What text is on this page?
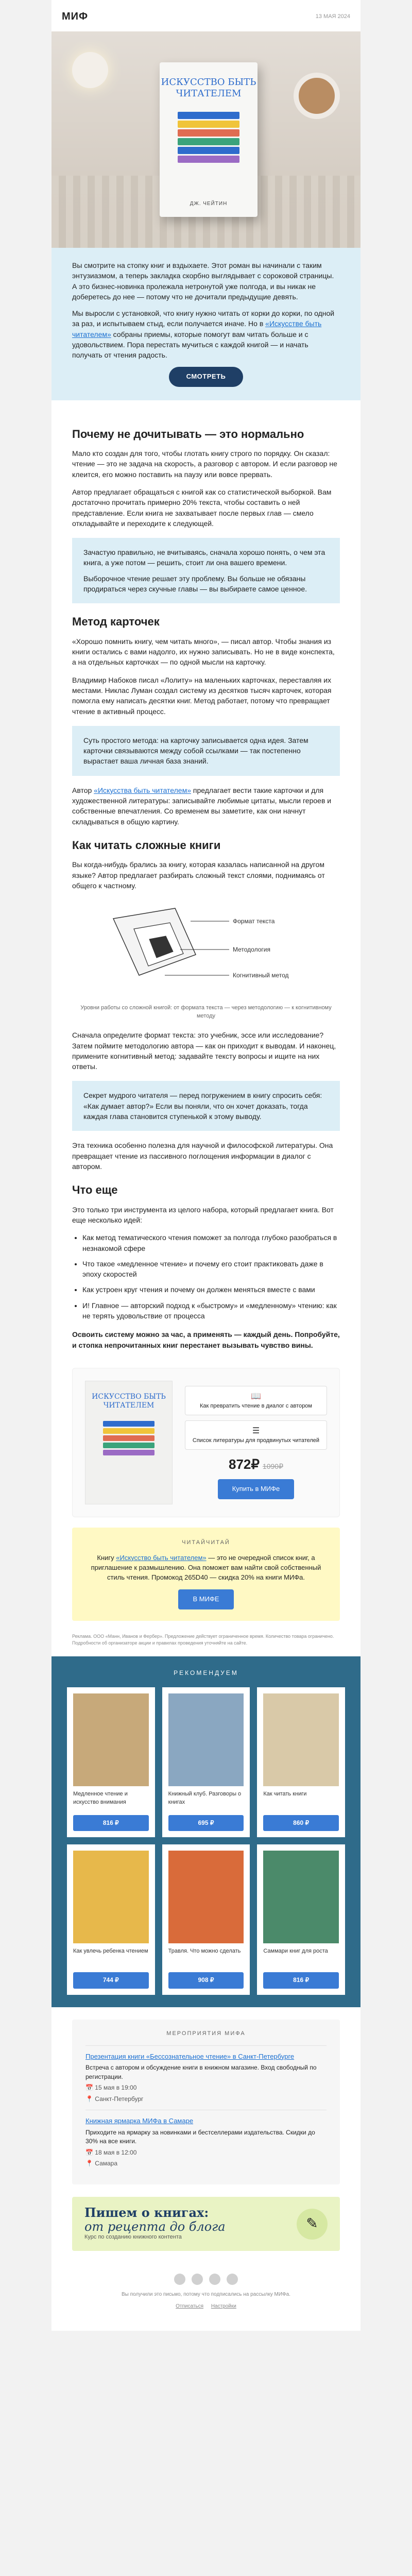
МИФ	13 МАЯ 2024
ИСКУССТВО БЫТЬ ЧИТАТЕЛЕМ
ДЖ. ЧЕЙТИН

Вы смотрите на стопку книг и вздыхаете. Этот роман вы начинали с таким энтузиазмом, а теперь закладка скорбно выглядывает с сороковой страницы. А это бизнес-новинка пролежала нетронутой уже полгода, и вы никак не доберетесь до нее — потому что не дочитали предыдущие девять.

Мы выросли с установкой, что книгу нужно читать от корки до корки, по одной за раз, и испытываем стыд, если получается иначе. Но в «Искусстве быть читателем» собраны приемы, которые помогут вам читать больше и с удовольствием. Пора перестать мучиться с каждой книгой — и начать получать от чтения радость.

СМОТРЕТЬ
Почему не дочитывать — это нормально

Мало кто создан для того, чтобы глотать книгу строго по порядку. Он сказал: чтение — это не задача на скорость, а разговор с автором. И если разговор не клеится, его можно поставить на паузу или вовсе прервать.

Автор предлагает обращаться с книгой как со статистической выборкой. Вам достаточно прочитать примерно 20% текста, чтобы составить о ней представление. Если книга не захватывает после первых глав — смело откладывайте и переходите к следующей.

Зачастую правильно, не вчитываясь, сначала хорошо понять, о чем эта книга, а уже потом — решить, стоит ли она вашего времени.

Выборочное чтение решает эту проблему. Вы больше не обязаны продираться через скучные главы — вы выбираете самое ценное.

Метод карточек

«Хорошо помнить книгу, чем читать много», — писал автор. Чтобы знания из книги остались с вами надолго, их нужно записывать. Но не в виде конспекта, а на отдельных карточках — по одной мысли на карточку.

Владимир Набоков писал «Лолиту» на маленьких карточках, переставляя их местами. Никлас Луман создал систему из десятков тысяч карточек, которая помогла ему написать десятки книг. Метод работает, потому что превращает чтение в активный процесс.

Суть простого метода: на карточку записывается одна идея. Затем карточки связываются между собой ссылками — так постепенно вырастает ваша личная база знаний.

Автор «Искусства быть читателем» предлагает вести такие карточки и для художественной литературы: записывайте любимые цитаты, мысли героев и собственные впечатления. Со временем вы заметите, как они начнут складываться в общую картину.

Как читать сложные книги

Вы когда-нибудь брались за книгу, которая казалась написанной на другом языке? Автор предлагает разбирать сложный текст слоями, поднимаясь от общего к частному.

Формат текста
Методология
Когнитивный метод
Уровни работы со сложной книгой: от формата текста — через методологию — к когнитивному методу

Сначала определите формат текста: это учебник, эссе или исследование? Затем поймите методологию автора — как он приходит к выводам. И наконец, примените когнитивный метод: задавайте тексту вопросы и ищите на них ответы.

Секрет мудрого читателя — перед погружением в книгу спросить себя: «Как думает автор?» Если вы поняли, что он хочет доказать, тогда каждая глава становится ступенькой к этому выводу.

Эта техника особенно полезна для научной и философской литературы. Она превращает чтение из пассивного поглощения информации в диалог с автором.

Что еще

Это только три инструмента из целого набора, который предлагает книга. Вот еще несколько идей:

• Как метод тематического чтения поможет за полгода глубоко разобраться в незнакомой сфере
• Что такое «медленное чтение» и почему его стоит практиковать даже в эпоху скоростей
• Как устроен круг чтения и почему он должен меняться вместе с вами
• И! Главное — авторский подход к «быстрому» и «медленному» чтению: как не терять удовольствие от процесса

Освоить систему можно за час, а применять — каждый день. Попробуйте, и стопка непрочитанных книг перестанет вызывать чувство вины.

ИСКУССТВО БЫТЬ ЧИТАТЕЛЕМ
📖
Как превратить чтение в диалог с автором
☰
Список литературы для продвинутых читателей
872₽ 1090₽
Купить в МИФе
ЧИТАЙЧИТАЙ

Книгу «Искусство быть читателем» — это не очередной список книг, а приглашение к размышлению. Она поможет вам найти свой собственный стиль чтения. Промокод 265D40 — скидка 20% на книги МИФа.

В МИФЕ
Реклама. ООО «Манн, Иванов и Фербер». Предложение действует ограниченное время. Количество товара ограничено. Подробности об организаторе акции и правилах проведения уточняйте на сайте.
РЕКОМЕНДУЕМ
Медленное чтение и искусство внимания
816 ₽
Книжный клуб. Разговоры о книгах
695 ₽
Как читать книги
860 ₽
Как увлечь ребенка чтением
744 ₽
Травля. Что можно сделать
908 ₽
Саммари книг для роста
816 ₽
МЕРОПРИЯТИЯ МИФА
Презентация книги «Бессознательное чтение» в Санкт-Петербурге
Встреча с автором и обсуждение книги в книжном магазине. Вход свободный по регистрации.
📅 15 мая в 19:00
📍 Санкт-Петербург
Книжная ярмарка МИФа в Самаре
Приходите на ярмарку за новинками и бестселлерами издательства. Скидки до 30% на все книги.
📅 18 мая в 12:00
📍 Самара
Пишем о книгах:
от рецепта до блога
Курс по созданию книжного контента
✎
Вы получили это письмо, потому что подписались на рассылку МИФа.
Отписаться Настройки
